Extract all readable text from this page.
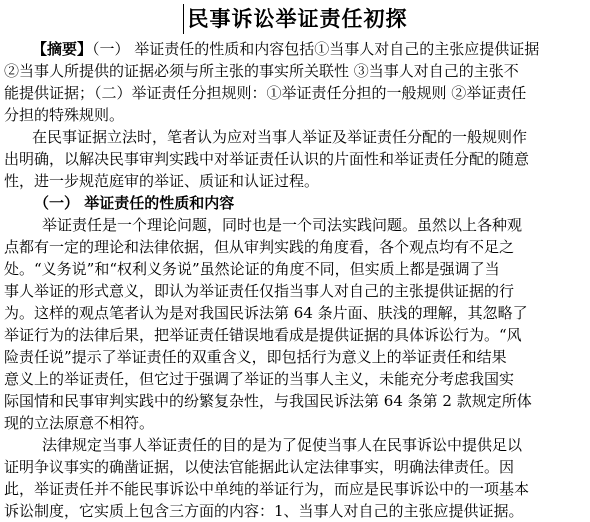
民事诉讼举证责任初探
【摘要】（一） 举证责任的性质和内容包括①当事人对自己的主张应提供证据
②当事人所提供的证据必须与所主张的事实所关联性 ③当事人对自己的主张不
能提供证据；（二）举证责任分担规则：①举证责任分担的一般规则 ②举证责任
分担的特殊规则。
在民事证据立法时，笔者认为应对当事人举证及举证责任分配的一般规则作
出明确，以解决民事审判实践中对举证责任认识的片面性和举证责任分配的随意
性，进一步规范庭审的举证、质证和认证过程。
（一） 举证责任的性质和内容
举证责任是一个理论问题，同时也是一个司法实践问题。虽然以上各种观
点都有一定的理论和法律依据，但从审判实践的角度看，各个观点均有不足之
处。“义务说”和“权利义务说”虽然论证的角度不同，但实质上都是强调了当
事人举证的形式意义，即认为举证责任仅指当事人对自己的主张提供证据的行
为。这样的观点笔者认为是对我国民诉法第 64 条片面、肤浅的理解，其忽略了
举证行为的法律后果，把举证责任错误地看成是提供证据的具体诉讼行为。“风
险责任说”提示了举证责任的双重含义，即包括行为意义上的举证责任和结果
意义上的举证责任，但它过于强调了举证的当事人主义，未能充分考虑我国实
际国情和民事审判实践中的纷繁复杂性，与我国民诉法第 64 条第 2 款规定所体
现的立法原意不相符。
法律规定当事人举证责任的目的是为了促使当事人在民事诉讼中提供足以
证明争议事实的确凿证据，以使法官能据此认定法律事实，明确法律责任。因
此，举证责任并不能民事诉讼中单纯的举证行为，而应是民事诉讼中的一项基本
诉讼制度，它实质上包含三方面的内容：1、当事人对自己的主张应提供证据。
